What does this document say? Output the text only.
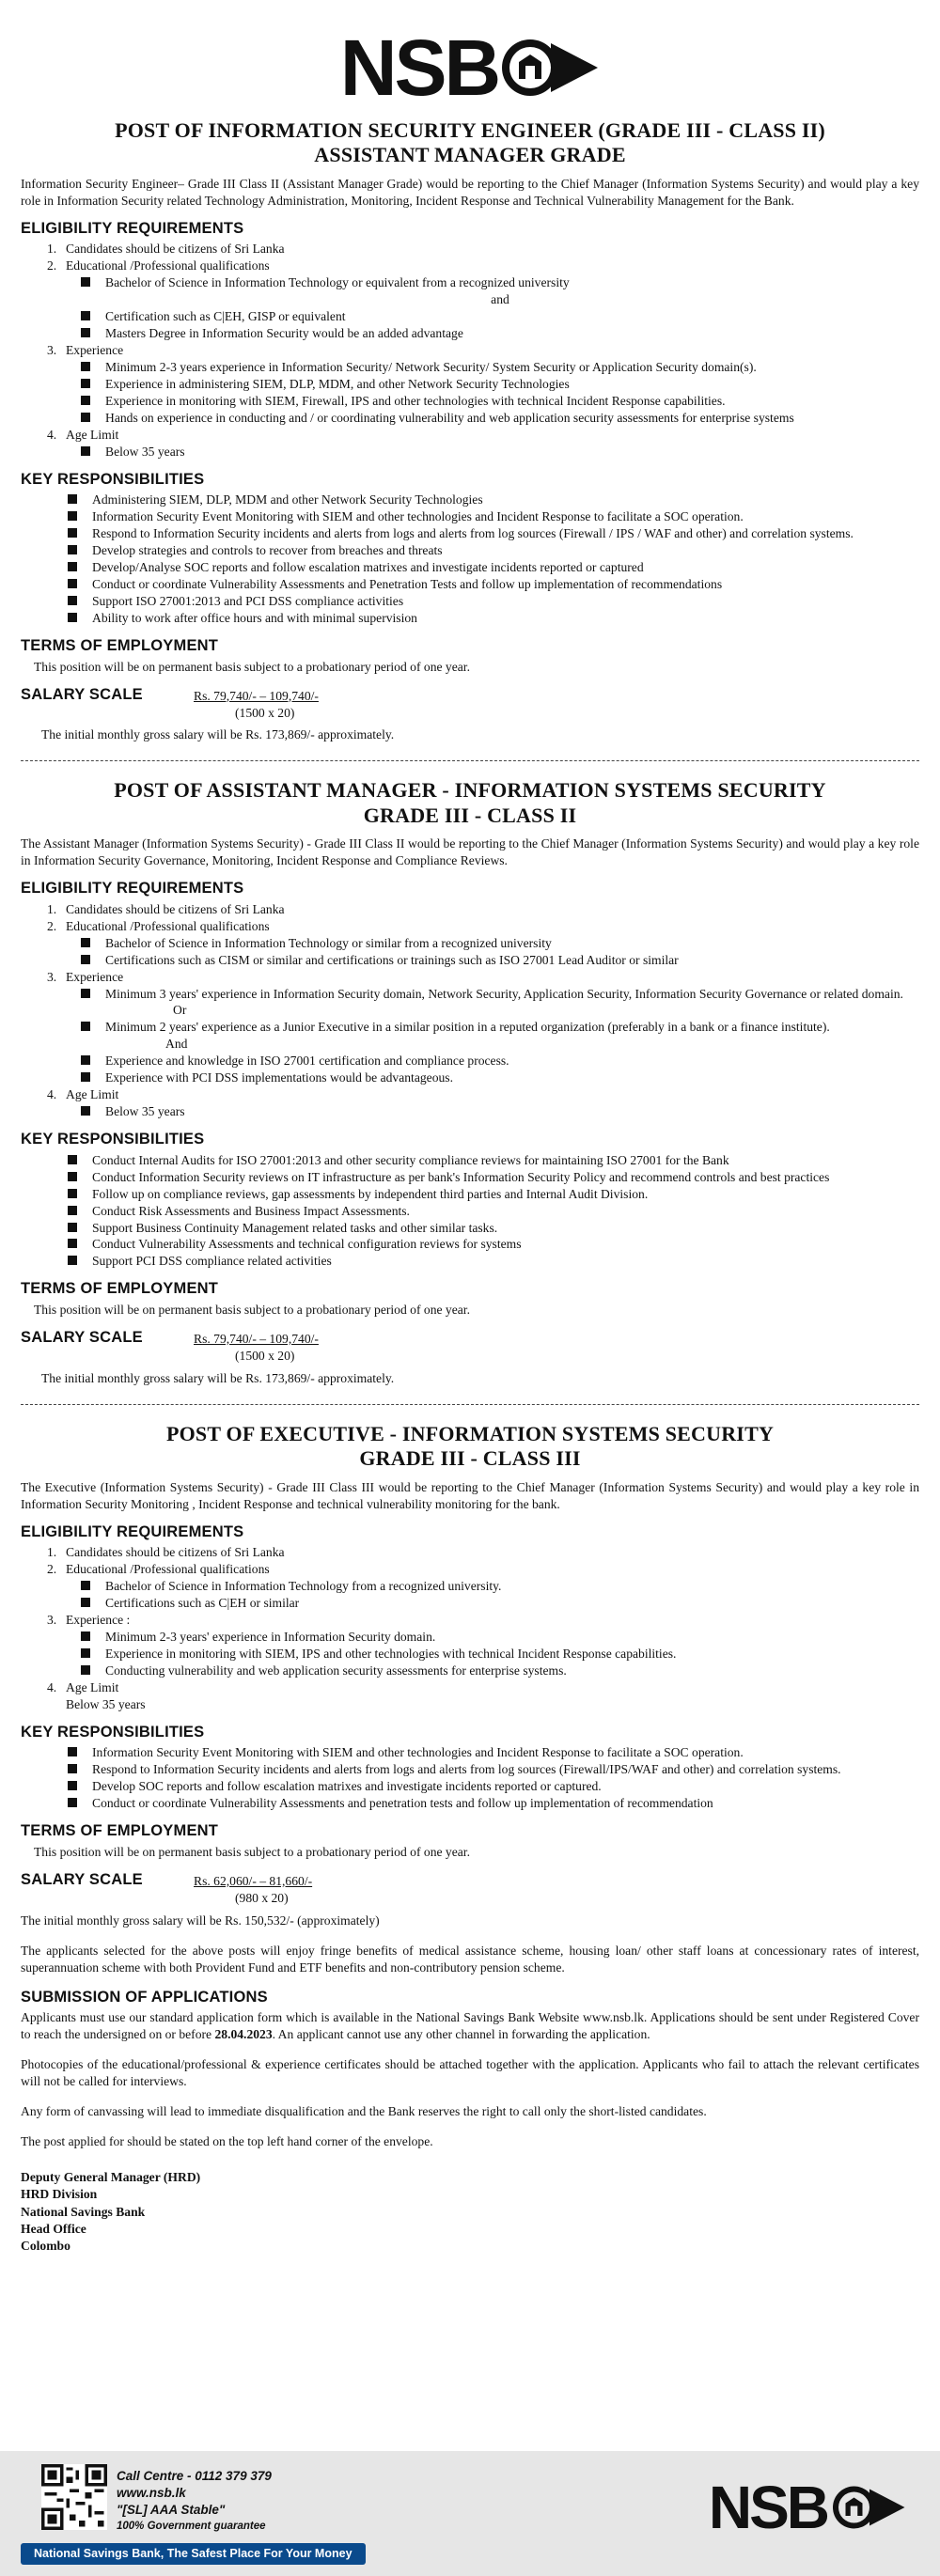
NSB
POST OF INFORMATION SECURITY ENGINEER (GRADE III - CLASS II)
ASSISTANT MANAGER GRADE

Information Security Engineer– Grade III Class II (Assistant Manager Grade) would be reporting to the Chief Manager (Information Systems Security) and would play a key role in Information Security related Technology Administration, Monitoring, Incident Response and Technical Vulnerability Management for the Bank.

ELIGIBILITY REQUIREMENTS
1. Candidates should be citizens of Sri Lanka
2. Educational /Professional qualifications
Bachelor of Science in Information Technology or equivalent from a recognized university
and
Certification such as C|EH, GISP or equivalent
Masters Degree in Information Security would be an added advantage
3. Experience
Minimum 2-3 years experience in Information Security/ Network Security/ System Security or Application Security domain(s).
Experience in administering SIEM, DLP, MDM, and other Network Security Technologies
Experience in monitoring with SIEM, Firewall, IPS and other technologies with technical Incident Response capabilities.
Hands on experience in conducting and / or coordinating vulnerability and web application security assessments for enterprise systems
4. Age Limit
Below 35 years
KEY RESPONSIBILITIES
Administering SIEM, DLP, MDM and other Network Security Technologies
Information Security Event Monitoring with SIEM and other technologies and Incident Response to facilitate a SOC operation.
Respond to Information Security incidents and alerts from logs and alerts from log sources (Firewall / IPS / WAF and other) and correlation systems.
Develop strategies and controls to recover from breaches and threats
Develop/Analyse SOC reports and follow escalation matrixes and investigate incidents reported or captured
Conduct or coordinate Vulnerability Assessments and Penetration Tests and follow up implementation of recommendations
Support ISO 27001:2013 and PCI DSS compliance activities
Ability to work after office hours and with minimal supervision
TERMS OF EMPLOYMENT

This position will be on permanent basis subject to a probationary period of one year.

SALARY SCALE	Rs. 79,740/- – 109,740/-
(1500 x 20)

The initial monthly gross salary will be Rs. 173,869/- approximately.

POST OF ASSISTANT MANAGER - INFORMATION SYSTEMS SECURITY
GRADE III - CLASS II

The Assistant Manager (Information Systems Security) - Grade III Class II would be reporting to the Chief Manager (Information Systems Security) and would play a key role in Information Security Governance, Monitoring, Incident Response and Compliance Reviews.

ELIGIBILITY REQUIREMENTS
1. Candidates should be citizens of Sri Lanka
2. Educational /Professional qualifications
Bachelor of Science in Information Technology or similar from a recognized university
Certifications such as CISM or similar and certifications or trainings such as ISO 27001 Lead Auditor or similar
3. Experience
Minimum 3 years' experience in Information Security domain, Network Security, Application Security, Information Security Governance or related domain.
Or
Minimum 2 years' experience as a Junior Executive in a similar position in a reputed organization (preferably in a bank or a finance institute).
And
Experience and knowledge in ISO 27001 certification and compliance process.
Experience with PCI DSS implementations would be advantageous.
4. Age Limit
Below 35 years
KEY RESPONSIBILITIES
Conduct Internal Audits for ISO 27001:2013 and other security compliance reviews for maintaining ISO 27001 for the Bank
Conduct Information Security reviews on IT infrastructure as per bank's Information Security Policy and recommend controls and best practices
Follow up on compliance reviews, gap assessments by independent third parties and Internal Audit Division.
Conduct Risk Assessments and Business Impact Assessments.
Support Business Continuity Management related tasks and other similar tasks.
Conduct Vulnerability Assessments and technical configuration reviews for systems
Support PCI DSS compliance related activities
TERMS OF EMPLOYMENT

This position will be on permanent basis subject to a probationary period of one year.

SALARY SCALE	Rs. 79,740/- – 109,740/-
(1500 x 20)

The initial monthly gross salary will be Rs. 173,869/- approximately.

POST OF EXECUTIVE - INFORMATION SYSTEMS SECURITY
GRADE III - CLASS III

The Executive (Information Systems Security) - Grade III Class III would be reporting to the Chief Manager (Information Systems Security) and would play a key role in Information Security Monitoring , Incident Response and technical vulnerability monitoring for the bank.

ELIGIBILITY REQUIREMENTS
1. Candidates should be citizens of Sri Lanka
2. Educational /Professional qualifications
Bachelor of Science in Information Technology from a recognized university.
Certifications such as C|EH or similar
3. Experience :
Minimum 2-3 years' experience in Information Security domain.
Experience in monitoring with SIEM, IPS and other technologies with technical Incident Response capabilities.
Conducting vulnerability and web application security assessments for enterprise systems.
4. Age Limit
Below 35 years
KEY RESPONSIBILITIES
Information Security Event Monitoring with SIEM and other technologies and Incident Response to facilitate a SOC operation.
Respond to Information Security incidents and alerts from logs and alerts from log sources (Firewall/IPS/WAF and other) and correlation systems.
Develop SOC reports and follow escalation matrixes and investigate incidents reported or captured.
Conduct or coordinate Vulnerability Assessments and penetration tests and follow up implementation of recommendation
TERMS OF EMPLOYMENT

This position will be on permanent basis subject to a probationary period of one year.

SALARY SCALE	Rs. 62,060/- – 81,660/-
(980 x 20)

The initial monthly gross salary will be Rs. 150,532/- (approximately)

The applicants selected for the above posts will enjoy fringe benefits of medical assistance scheme, housing loan/ other staff loans at concessionary rates of interest, superannuation scheme with both Provident Fund and ETF benefits and non-contributory pension scheme.

SUBMISSION OF APPLICATIONS

Applicants must use our standard application form which is available in the National Savings Bank Website www.nsb.lk. Applications should be sent under Registered Cover to reach the undersigned on or before 28.04.2023. An applicant cannot use any other channel in forwarding the application.

Photocopies of the educational/professional & experience certificates should be attached together with the application. Applicants who fail to attach the relevant certificates will not be called for interviews.

Any form of canvassing will lead to immediate disqualification and the Bank reserves the right to call only the short-listed candidates.

The post applied for should be stated on the top left hand corner of the envelope.

Deputy General Manager (HRD)
HRD Division
National Savings Bank
Head Office
Colombo
Call Centre - 0112 379 379
www.nsb.lk
"[SL] AAA Stable"
100% Government guarantee
National Savings Bank, The Safest Place For Your Money
NSB
